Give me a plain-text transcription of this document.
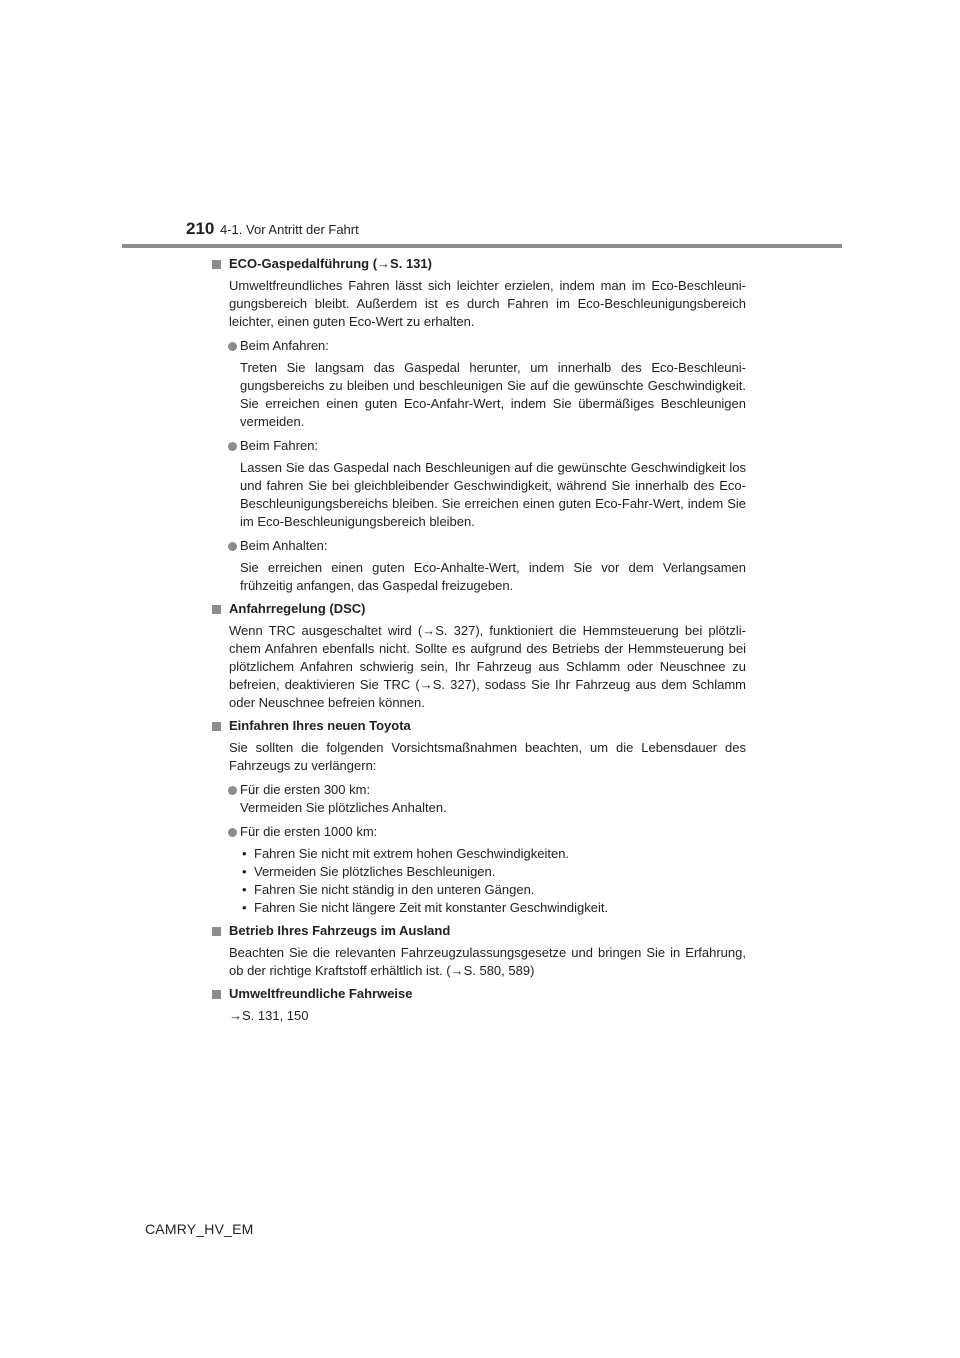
210 4-1. Vor Antritt der Fahrt
ECO-Gaspedalführung (→S. 131)
Umweltfreundliches Fahren lässt sich leichter erzielen, indem man im Eco-Beschleunigungsbereich bleibt. Außerdem ist es durch Fahren im Eco-Beschleunigungsbereich leichter, einen guten Eco-Wert zu erhalten.
Beim Anfahren:
Treten Sie langsam das Gaspedal herunter, um innerhalb des Eco-Beschleunigungsbereichs zu bleiben und beschleunigen Sie auf die gewünschte Geschwindigkeit. Sie erreichen einen guten Eco-Anfahr-Wert, indem Sie übermäßiges Beschleunigen vermeiden.
Beim Fahren:
Lassen Sie das Gaspedal nach Beschleunigen auf die gewünschte Geschwindigkeit los und fahren Sie bei gleichbleibender Geschwindigkeit, während Sie innerhalb des Eco-Beschleunigungsbereichs bleiben. Sie erreichen einen guten Eco-Fahr-Wert, indem Sie im Eco-Beschleunigungsbereich bleiben.
Beim Anhalten:
Sie erreichen einen guten Eco-Anhalte-Wert, indem Sie vor dem Verlangsamen frühzeitig anfangen, das Gaspedal freizugeben.
Anfahrregelung (DSC)
Wenn TRC ausgeschaltet wird (→S. 327), funktioniert die Hemmsteuerung bei plötzlichem Anfahren ebenfalls nicht. Sollte es aufgrund des Betriebs der Hemmsteuerung bei plötzlichem Anfahren schwierig sein, Ihr Fahrzeug aus Schlamm oder Neuschnee zu befreien, deaktivieren Sie TRC (→S. 327), sodass Sie Ihr Fahrzeug aus dem Schlamm oder Neuschnee befreien können.
Einfahren Ihres neuen Toyota
Sie sollten die folgenden Vorsichtsmaßnahmen beachten, um die Lebensdauer des Fahrzeugs zu verlängern:
Für die ersten 300 km:
Vermeiden Sie plötzliches Anhalten.
Für die ersten 1000 km:
• Fahren Sie nicht mit extrem hohen Geschwindigkeiten.
• Vermeiden Sie plötzliches Beschleunigen.
• Fahren Sie nicht ständig in den unteren Gängen.
• Fahren Sie nicht längere Zeit mit konstanter Geschwindigkeit.
Betrieb Ihres Fahrzeugs im Ausland
Beachten Sie die relevanten Fahrzeugzulassungsgesetze und bringen Sie in Erfahrung, ob der richtige Kraftstoff erhältlich ist. (→S. 580, 589)
Umweltfreundliche Fahrweise
→S. 131, 150
CAMRY_HV_EM
